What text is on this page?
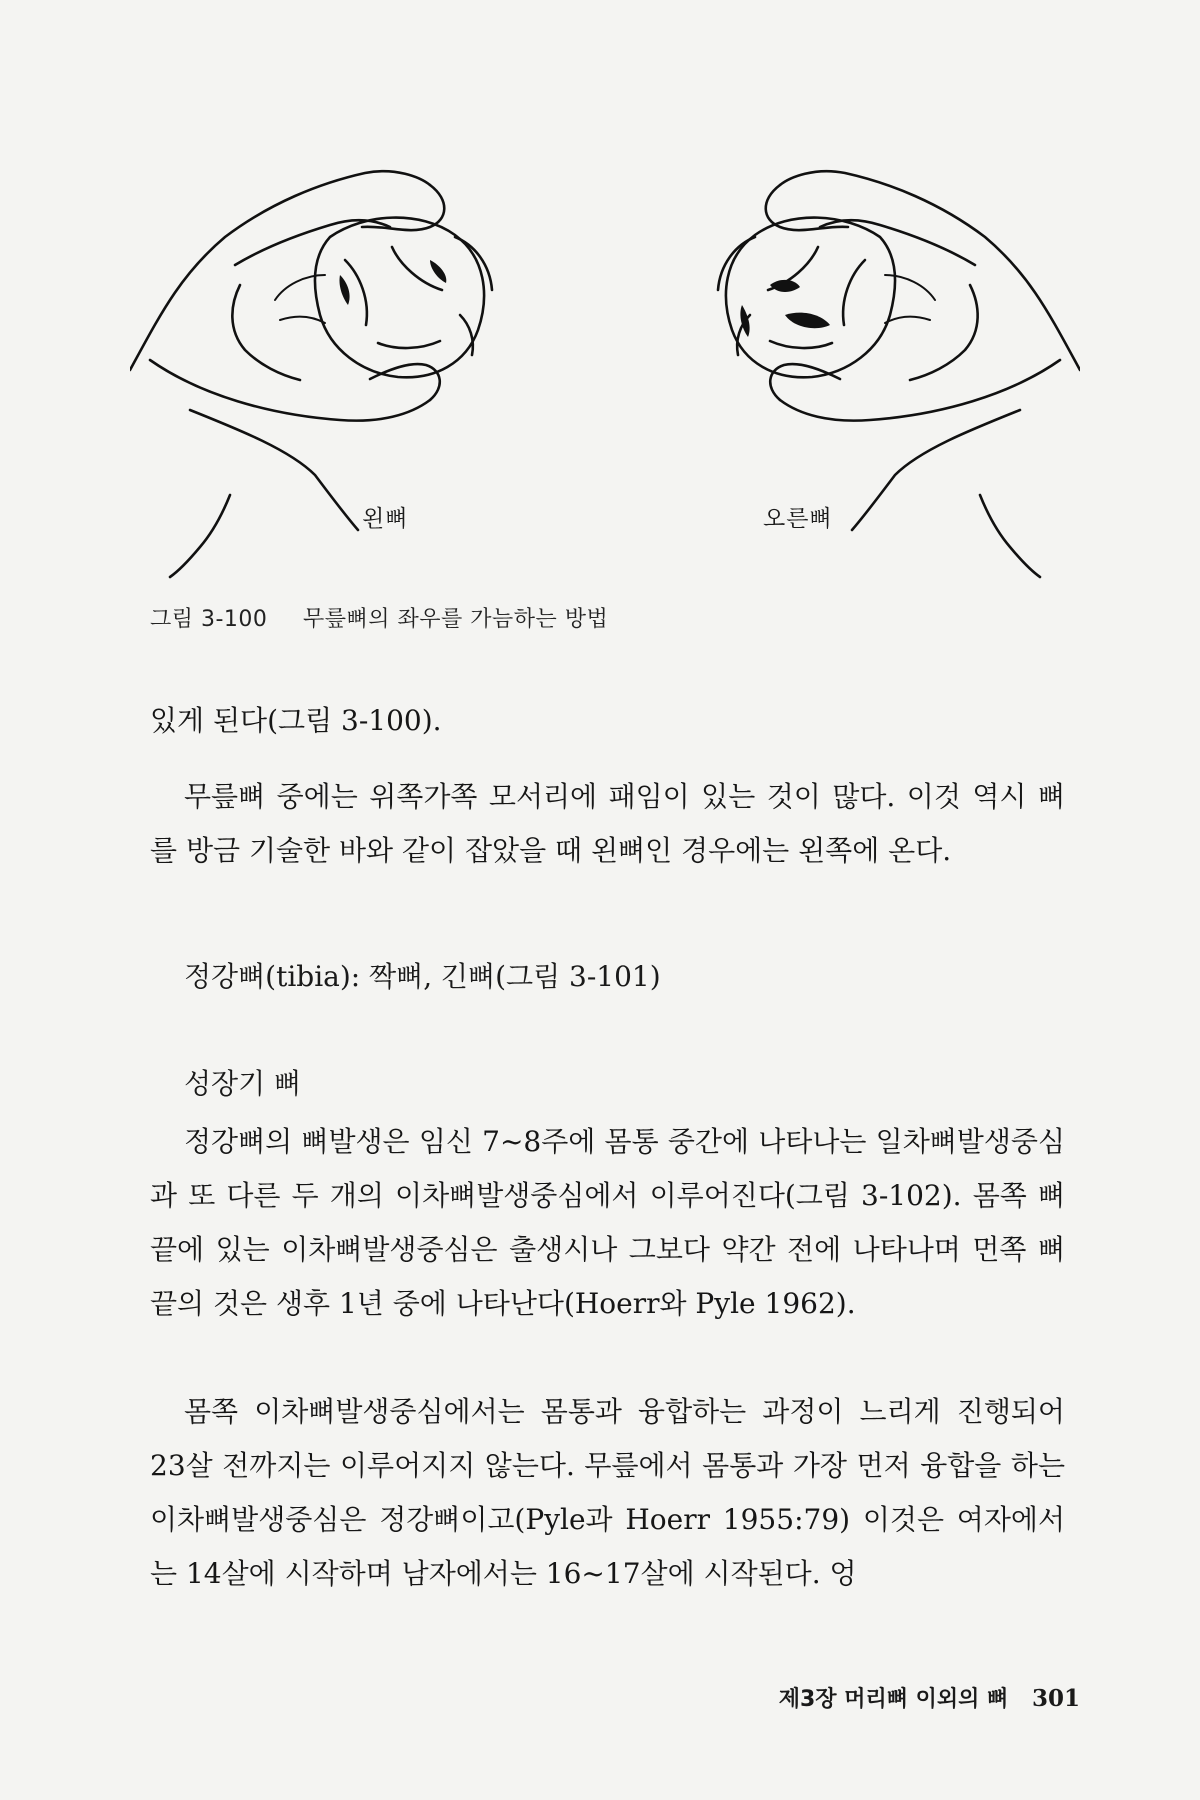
왼뼈	오른뼈
그림 3-100 무릎뼈의 좌우를 가늠하는 방법

있게 된다(그림 3-100).

무릎뼈 중에는 위쪽가쪽 모서리에 패임이 있는 것이 많다. 이것 역시 뼈를 방금 기술한 바와 같이 잡았을 때 왼뼈인 경우에는 왼쪽에 온다.

정강뼈(tibia): 짝뼈, 긴뼈(그림 3-101)
성장기 뼈

정강뼈의 뼈발생은 임신 7~8주에 몸통 중간에 나타나는 일차뼈발생중심과 또 다른 두 개의 이차뼈발생중심에서 이루어진다(그림 3-102). 몸쪽 뼈끝에 있는 이차뼈발생중심은 출생시나 그보다 약간 전에 나타나며 먼쪽 뼈끝의 것은 생후 1년 중에 나타난다(Hoerr와 Pyle 1962).

몸쪽 이차뼈발생중심에서는 몸통과 융합하는 과정이 느리게 진행되어 23살 전까지는 이루어지지 않는다. 무릎에서 몸통과 가장 먼저 융합을 하는 이차뼈발생중심은 정강뼈이고(Pyle과 Hoerr 1955:79) 이것은 여자에서는 14살에 시작하며 남자에서는 16~17살에 시작된다. 엉

제3장 머리뼈 이외의 뼈 301
